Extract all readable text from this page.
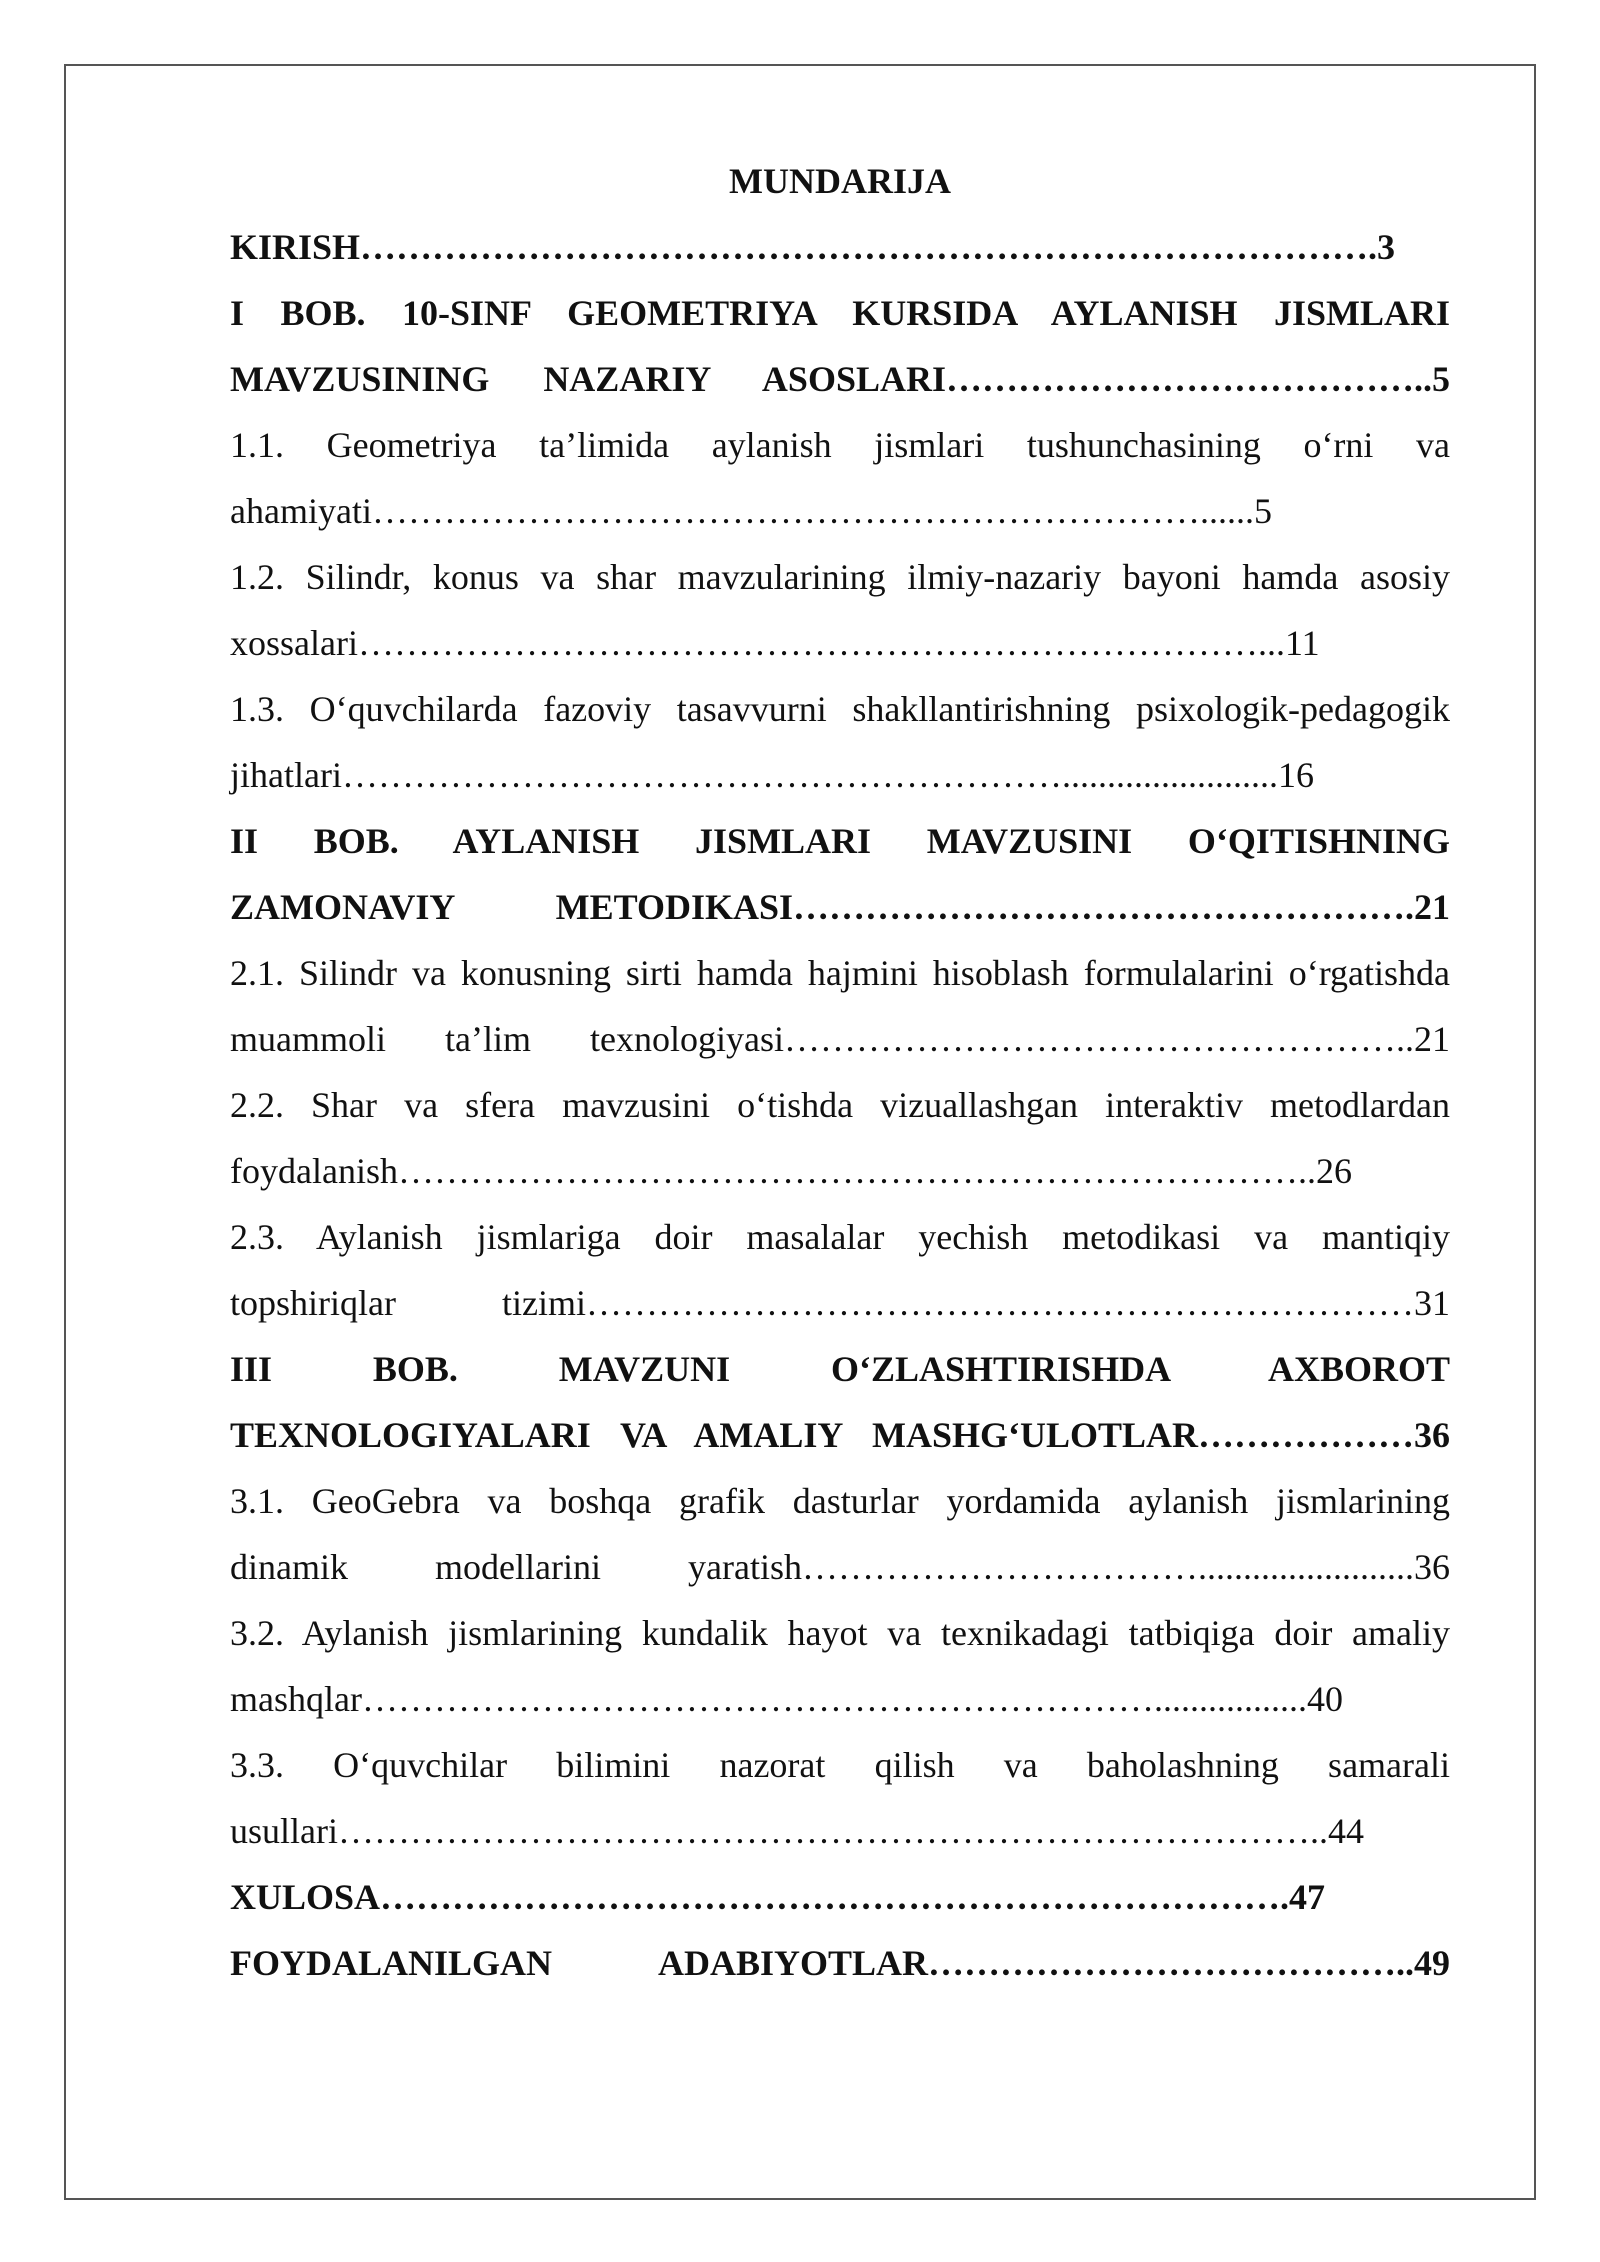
MUNDARIJA

KIRISH………………………………………………………………………….3

I BOB. 10-SINF GEOMETRIYA KURSIDA AYLANISH JISMLARI

MAVZUSINING NAZARIY ASOSLARI…………………………………..5

1.1. Geometriya ta’limida aylanish jismlari tushunchasining o‘rni va

ahamiyati……………………………………………………………......5

1.2. Silindr, konus va shar mavzularining ilmiy-nazariy bayoni hamda asosiy

xossalari…………………………………………………………………...11

1.3. O‘quvchilarda fazoviy tasavvurni shakllantirishning psixologik-pedagogik

jihatlari……………………………………………………........................16

II BOB. AYLANISH JISMLARI MAVZUSINI O‘QITISHNING

ZAMONAVIY METODIKASI…………………………………………….21

2.1. Silindr va konusning sirti hamda hajmini hisoblash formulalarini o‘rgatishda

muammoli ta’lim texnologiyasi……………………………………………..21

2.2. Shar va sfera mavzusini o‘tishda vizuallashgan interaktiv metodlardan

foydalanish…………………………………………………………………..26

2.3. Aylanish jismlariga doir masalalar yechish metodikasi va mantiqiy

topshiriqlar tizimi……………………………………………………………31

III BOB. MAVZUNI O‘ZLASHTIRISHDA AXBOROT

TEXNOLOGIYALARI VA AMALIY MASHG‘ULOTLAR………………36

3.1. GeoGebra va boshqa grafik dasturlar yordamida aylanish jismlarining

dinamik modellarini yaratish……………………………........................36

3.2. Aylanish jismlarining kundalik hayot va texnikadagi tatbiqiga doir amaliy

mashqlar………………………………………………………….................40

3.3. O‘quvchilar bilimini nazorat qilish va baholashning samarali

usullari………………………………………………………………………..44

XULOSA………………………………………………………………….47

FOYDALANILGAN ADABIYOTLAR…………………………………..49
